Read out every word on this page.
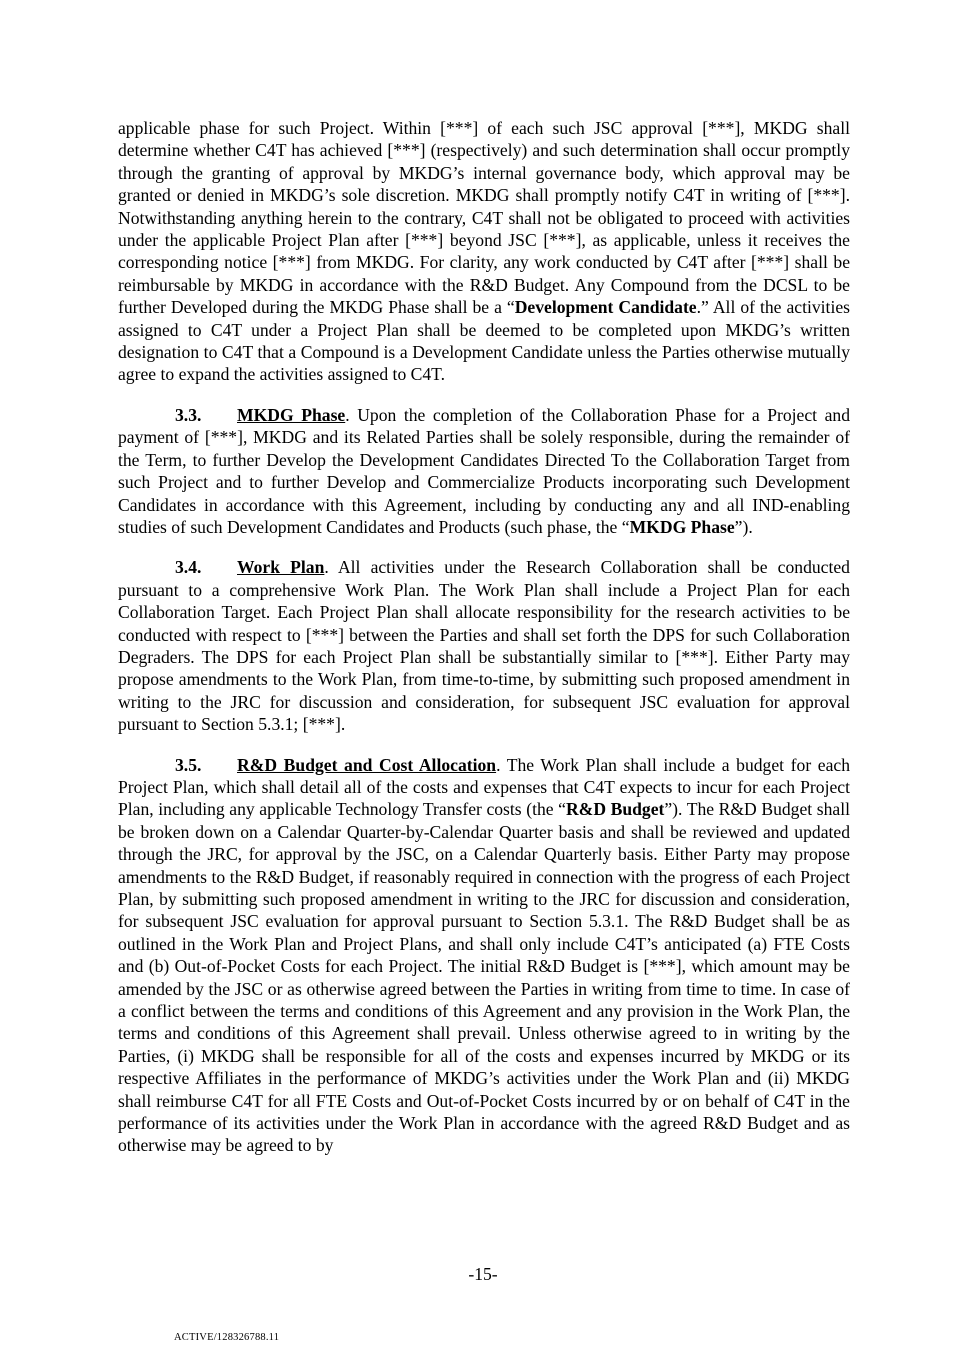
applicable phase for such Project. Within [***] of each such JSC approval [***], MKDG shall determine whether C4T has achieved [***] (respectively) and such determination shall occur promptly through the granting of approval by MKDG’s internal governance body, which approval may be granted or denied in MKDG’s sole discretion. MKDG shall promptly notify C4T in writing of [***]. Notwithstanding anything herein to the contrary, C4T shall not be obligated to proceed with activities under the applicable Project Plan after [***] beyond JSC [***], as applicable, unless it receives the corresponding notice [***] from MKDG. For clarity, any work conducted by C4T after [***] shall be reimbursable by MKDG in accordance with the R&D Budget. Any Compound from the DCSL to be further Developed during the MKDG Phase shall be a “Development Candidate.” All of the activities assigned to C4T under a Project Plan shall be deemed to be completed upon MKDG’s written designation to C4T that a Compound is a Development Candidate unless the Parties otherwise mutually agree to expand the activities assigned to C4T.

3.3. MKDG Phase. Upon the completion of the Collaboration Phase for a Project and payment of [***], MKDG and its Related Parties shall be solely responsible, during the remainder of the Term, to further Develop the Development Candidates Directed To the Collaboration Target from such Project and to further Develop and Commercialize Products incorporating such Development Candidates in accordance with this Agreement, including by conducting any and all IND-enabling studies of such Development Candidates and Products (such phase, the “MKDG Phase”).

3.4. Work Plan. All activities under the Research Collaboration shall be conducted pursuant to a comprehensive Work Plan. The Work Plan shall include a Project Plan for each Collaboration Target. Each Project Plan shall allocate responsibility for the research activities to be conducted with respect to [***] between the Parties and shall set forth the DPS for such Collaboration Degraders. The DPS for each Project Plan shall be substantially similar to [***]. Either Party may propose amendments to the Work Plan, from time-to-time, by submitting such proposed amendment in writing to the JRC for discussion and consideration, for subsequent JSC evaluation for approval pursuant to Section 5.3.1; [***].

3.5. R&D Budget and Cost Allocation. The Work Plan shall include a budget for each Project Plan, which shall detail all of the costs and expenses that C4T expects to incur for each Project Plan, including any applicable Technology Transfer costs (the “R&D Budget”). The R&D Budget shall be broken down on a Calendar Quarter-by-Calendar Quarter basis and shall be reviewed and updated through the JRC, for approval by the JSC, on a Calendar Quarterly basis. Either Party may propose amendments to the R&D Budget, if reasonably required in connection with the progress of each Project Plan, by submitting such proposed amendment in writing to the JRC for discussion and consideration, for subsequent JSC evaluation for approval pursuant to Section 5.3.1. The R&D Budget shall be as outlined in the Work Plan and Project Plans, and shall only include C4T’s anticipated (a) FTE Costs and (b) Out-of-Pocket Costs for each Project. The initial R&D Budget is [***], which amount may be amended by the JSC or as otherwise agreed between the Parties in writing from time to time. In case of a conflict between the terms and conditions of this Agreement and any provision in the Work Plan, the terms and conditions of this Agreement shall prevail. Unless otherwise agreed to in writing by the Parties, (i) MKDG shall be responsible for all of the costs and expenses incurred by MKDG or its respective Affiliates in the performance of MKDG’s activities under the Work Plan and (ii) MKDG shall reimburse C4T for all FTE Costs and Out-of-Pocket Costs incurred by or on behalf of C4T in the performance of its activities under the Work Plan in accordance with the agreed R&D Budget and as otherwise may be agreed to by

-15-
ACTIVE/128326788.11
